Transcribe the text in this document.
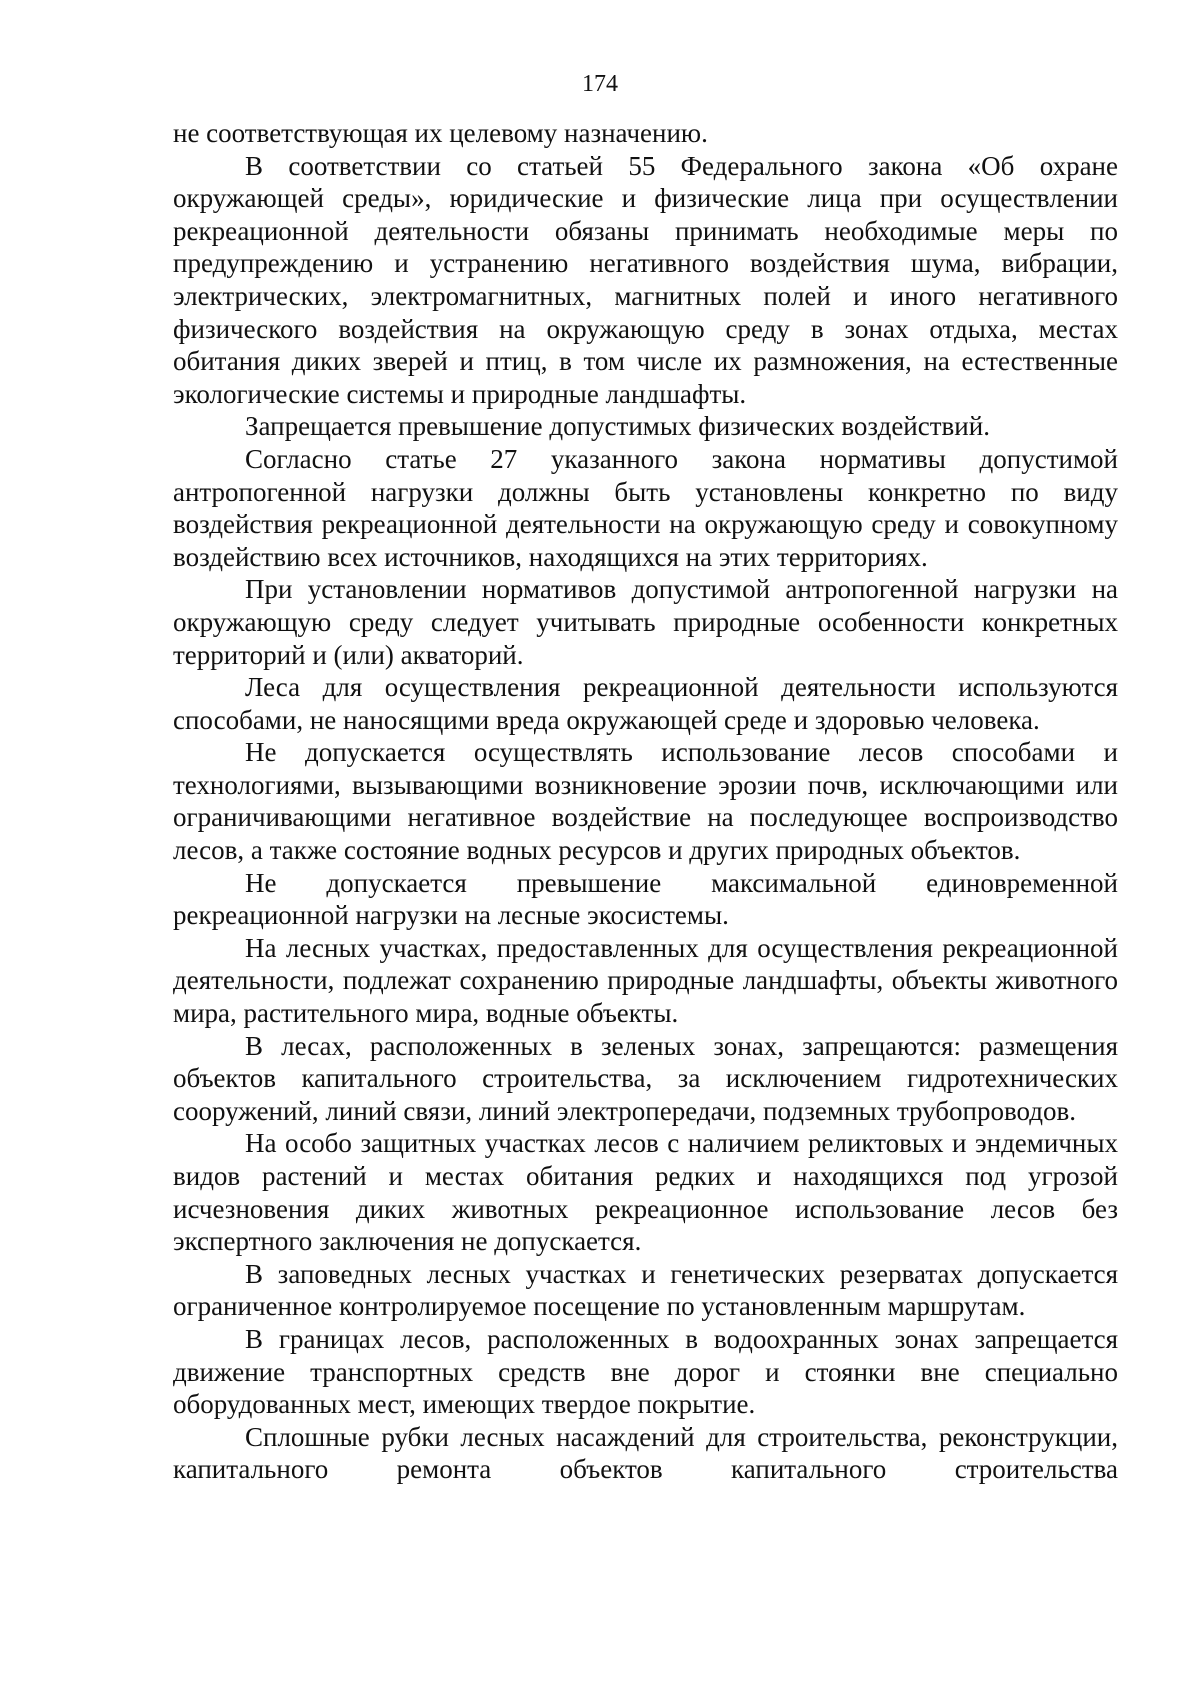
174

не соответствующая их целевому назначению.

В соответствии со статьей 55 Федерального закона «Об охране окружающей среды», юридические и физические лица при осуществлении рекреационной деятельности обязаны принимать необходимые меры по предупреждению и устранению негативного воздействия шума, вибрации, электрических, электромагнитных, магнитных полей и иного негативного физического воздействия на окружающую среду в зонах отдыха, местах обитания диких зверей и птиц, в том числе их размножения, на естественные экологические системы и природные ландшафты.

Запрещается превышение допустимых физических воздействий.

Согласно статье 27 указанного закона нормативы допустимой антропогенной нагрузки должны быть установлены конкретно по виду воздействия рекреационной деятельности на окружающую среду и совокупному воздействию всех источников, находящихся на этих территориях.

При установлении нормативов допустимой антропогенной нагрузки на окружающую среду следует учитывать природные особенности конкретных территорий и (или) акваторий.

Леса для осуществления рекреационной деятельности используются способами, не наносящими вреда окружающей среде и здоровью человека.

Не допускается осуществлять использование лесов способами и технологиями, вызывающими возникновение эрозии почв, исключающими или ограничивающими негативное воздействие на последующее воспроизводство лесов, а также состояние водных ресурсов и других природных объектов.

Не допускается превышение максимальной единовременной рекреационной нагрузки на лесные экосистемы.

На лесных участках, предоставленных для осуществления рекреационной деятельности, подлежат сохранению природные ландшафты, объекты животного мира, растительного мира, водные объекты.

В лесах, расположенных в зеленых зонах, запрещаются: размещения объектов капитального строительства, за исключением гидротехнических сооружений, линий связи, линий электропередачи, подземных трубопроводов.

На особо защитных участках лесов с наличием реликтовых и эндемичных видов растений и местах обитания редких и находящихся под угрозой исчезновения диких животных рекреационное использование лесов без экспертного заключения не допускается.

В заповедных лесных участках и генетических резерватах допускается ограниченное контролируемое посещение по установленным маршрутам.

В границах лесов, расположенных в водоохранных зонах запрещается движение транспортных средств вне дорог и стоянки вне специально оборудованных мест, имеющих твердое покрытие.

Сплошные рубки лесных насаждений для строительства, реконструкции, капитального ремонта объектов капитального строительства
